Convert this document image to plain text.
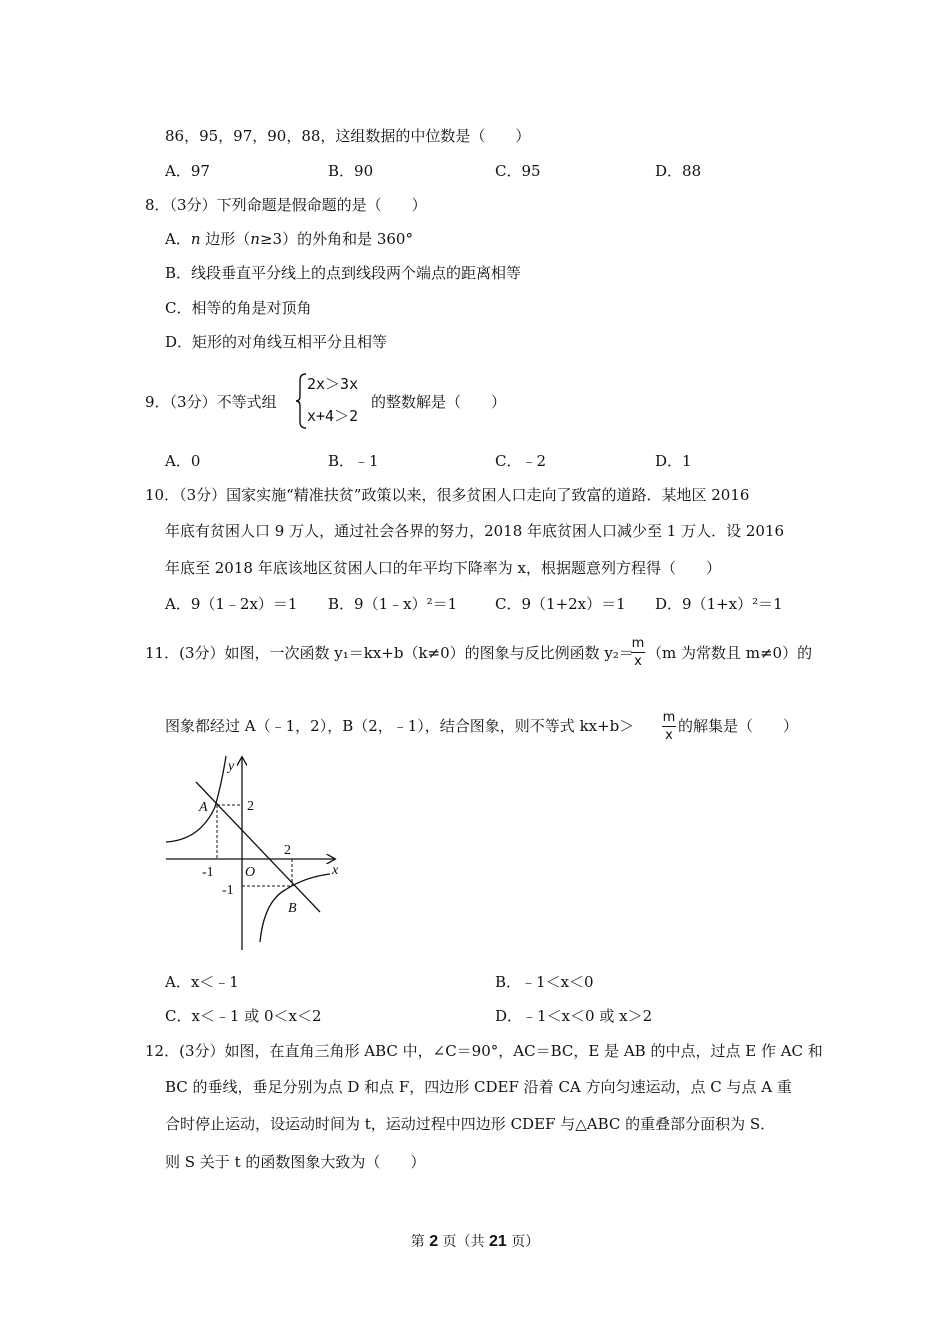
86，95，97，90，88，这组数据的中位数是（　　）
A．97	B．90	C．95	D．88
8．（3分）下列命题是假命题的是（　　）
A．n 边形（n≥3）的外角和是 360°
B．线段垂直平分线上的点到线段两个端点的距离相等
C．相等的角是对顶角
D．矩形的对角线互相平分且相等
9．（3分）不等式组
2x＞3x
x+4＞2
的整数解是（　　）
A．0	B．﹣1	C．﹣2	D．1
10．（3分）国家实施“精准扶贫”政策以来，很多贫困人口走向了致富的道路．某地区 2016
年底有贫困人口 9 万人，通过社会各界的努力，2018 年底贫困人口减少至 1 万人．设 2016
年底至 2018 年底该地区贫困人口的年平均下降率为 x，根据题意列方程得（　　）
A．9（1﹣2x）＝1 B．9（1﹣x）²＝1	C．9（1+2x）＝1 D．9（1+x）²＝1
11．(3分）如图，一次函数 y₁＝kx+b（k≠0）的图象与反比例函数 y₂＝
m
x （m 为常数且 m≠0）的
图象都经过 A（﹣1，2），B（2，﹣1），结合图象，则不等式 kx+b＞ m
x
的解集是（　　）
y
x
O
A
B
2
-1
2
-1
A．x＜﹣1	B．﹣1＜x＜0
C．x＜﹣1 或 0＜x＜2	D．﹣1＜x＜0 或 x＞2
12．(3分）如图，在直角三角形 ABC 中，∠C＝90°，AC＝BC，E 是 AB 的中点，过点 E 作 AC 和
BC 的垂线，垂足分别为点 D 和点 F，四边形 CDEF 沿着 CA 方向匀速运动，点 C 与点 A 重
合时停止运动，设运动时间为 t，运动过程中四边形 CDEF 与△ABC 的重叠部分面积为 S．
则 S 关于 t 的函数图象大致为（　　）
第 2 页（共 21 页）
